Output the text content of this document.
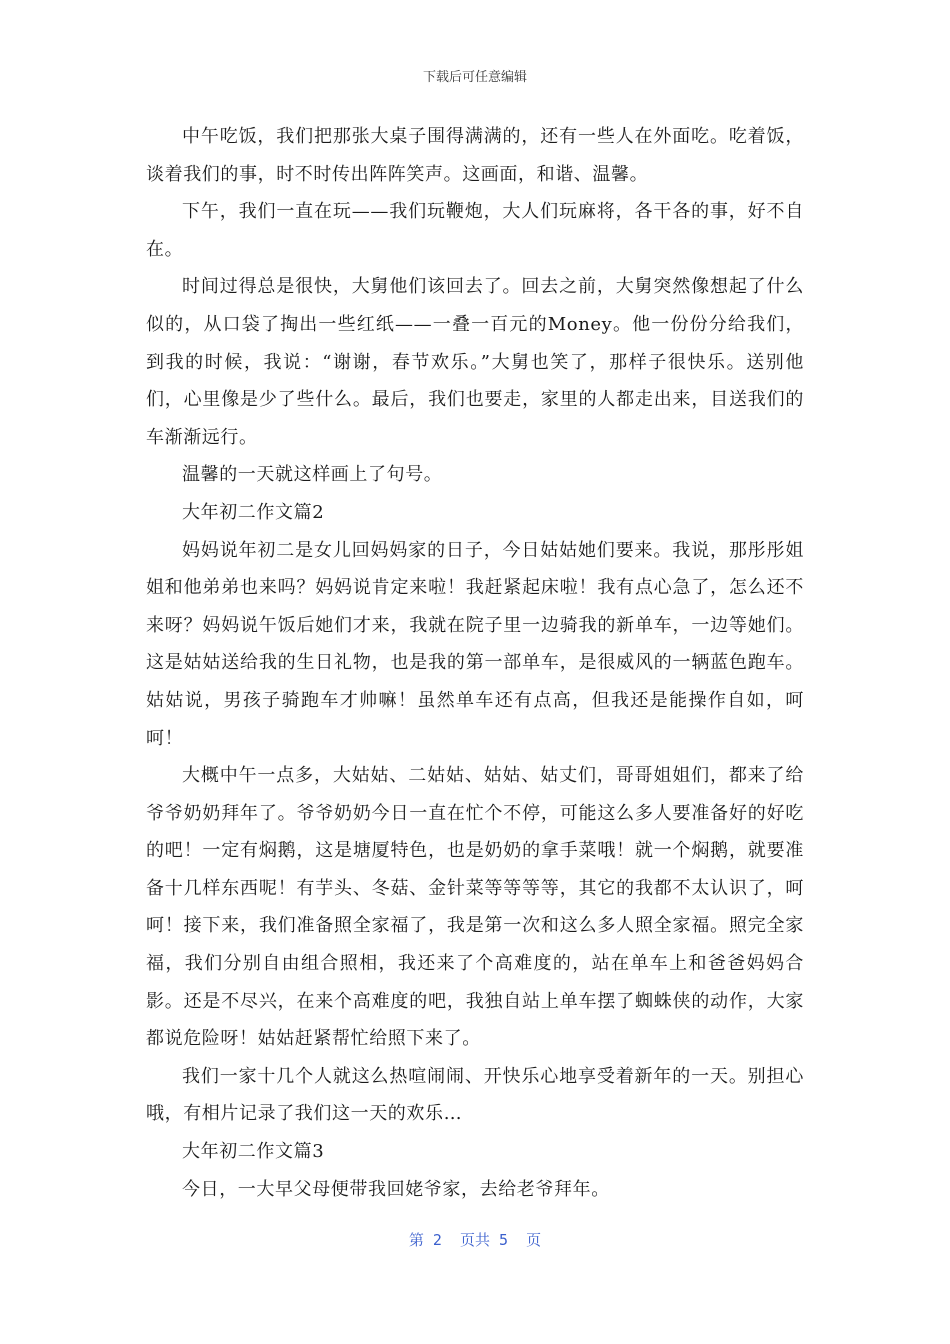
下载后可任意编辑

中午吃饭，我们把那张大桌子围得满满的，还有一些人在外面吃。吃着饭，谈着我们的事，时不时传出阵阵笑声。这画面，和谐、温馨。

下午，我们一直在玩——我们玩鞭炮，大人们玩麻将，各干各的事，好不自在。

时间过得总是很快，大舅他们该回去了。回去之前，大舅突然像想起了什么似的，从口袋了掏出一些红纸——一叠一百元的Money。他一份份分给我们，到我的时候，我说：“谢谢，春节欢乐。”大舅也笑了，那样子很快乐。送别他们，心里像是少了些什么。最后，我们也要走，家里的人都走出来，目送我们的车渐渐远行。

温馨的一天就这样画上了句号。

大年初二作文篇2

妈妈说年初二是女儿回妈妈家的日子，今日姑姑她们要来。我说，那彤彤姐姐和他弟弟也来吗？妈妈说肯定来啦！我赶紧起床啦！我有点心急了，怎么还不来呀？妈妈说午饭后她们才来，我就在院子里一边骑我的新单车，一边等她们。这是姑姑送给我的生日礼物，也是我的第一部单车，是很威风的一辆蓝色跑车。姑姑说，男孩子骑跑车才帅嘛！虽然单车还有点高，但我还是能操作自如，呵呵！

大概中午一点多，大姑姑、二姑姑、姑姑、姑丈们，哥哥姐姐们，都来了给爷爷奶奶拜年了。爷爷奶奶今日一直在忙个不停，可能这么多人要准备好的好吃的吧！一定有焖鹅，这是塘厦特色，也是奶奶的拿手菜哦！就一个焖鹅，就要准备十几样东西呢！有芋头、冬菇、金针菜等等等等，其它的我都不太认识了，呵呵！接下来，我们准备照全家福了，我是第一次和这么多人照全家福。照完全家福，我们分别自由组合照相，我还来了个高难度的，站在单车上和爸爸妈妈合影。还是不尽兴，在来个高难度的吧，我独自站上单车摆了蜘蛛侠的动作，大家都说危险呀！姑姑赶紧帮忙给照下来了。

我们一家十几个人就这么热喧闹闹、开快乐心地享受着新年的一天。别担心哦，有相片记录了我们这一天的欢乐…

大年初二作文篇3

今日，一大早父母便带我回姥爷家，去给老爷拜年。

第 2  页共 5  页
